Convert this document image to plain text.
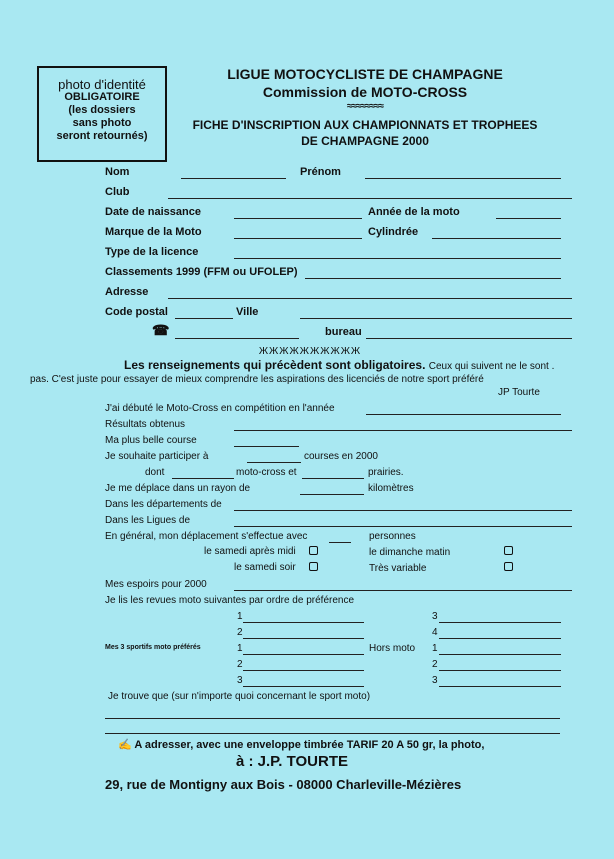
photo d'identité
OBLIGATOIRE
(les dossiers
sans photo
seront retournés)
LIGUE MOTOCYCLISTE DE CHAMPAGNE
Commission de MOTO-CROSS
≈≈≈≈≈≈≈≈
FICHE D'INSCRIPTION AUX CHAMPIONNATS ET TROPHEES
DE CHAMPAGNE 2000
Nom	Prénom
Club
Date de naissance	Année de la moto
Marque de la Moto	Cylindrée
Type de la licence
Classements 1999 (FFM ou UFOLEP)
Adresse
Code postal	Ville
☎	bureau
ЖЖЖЖЖЖЖЖЖЖ
Les renseignements qui précèdent sont obligatoires. Ceux qui suivent ne le sont .
pas. C'est juste pour essayer de mieux comprendre les aspirations des licenciés de notre sport préféré
JP Tourte
J'ai débuté le Moto-Cross en compétition en l'année
Résultats obtenus
Ma plus belle course
Je souhaite participer à	courses en 2000
dont	moto-cross et	prairies.
Je me déplace dans un rayon de	kilomètres
Dans les départements de
Dans les Ligues de
En général, mon déplacement s'effectue avec	personnes
le samedi après midi	le dimanche matin
le samedi soir	Très variable
Mes espoirs pour 2000
Je lis les revues moto suivantes par ordre de préférence
1	3
2	4
Mes 3 sportifs moto préférés	1	Hors moto 1
2	2
3	3
Je trouve que (sur n'importe quoi concernant le sport moto)
✍ A adresser, avec une enveloppe timbrée TARIF 20 A 50 gr, la photo,
à : J.P. TOURTE
29, rue de Montigny aux Bois - 08000 Charleville-Mézières
